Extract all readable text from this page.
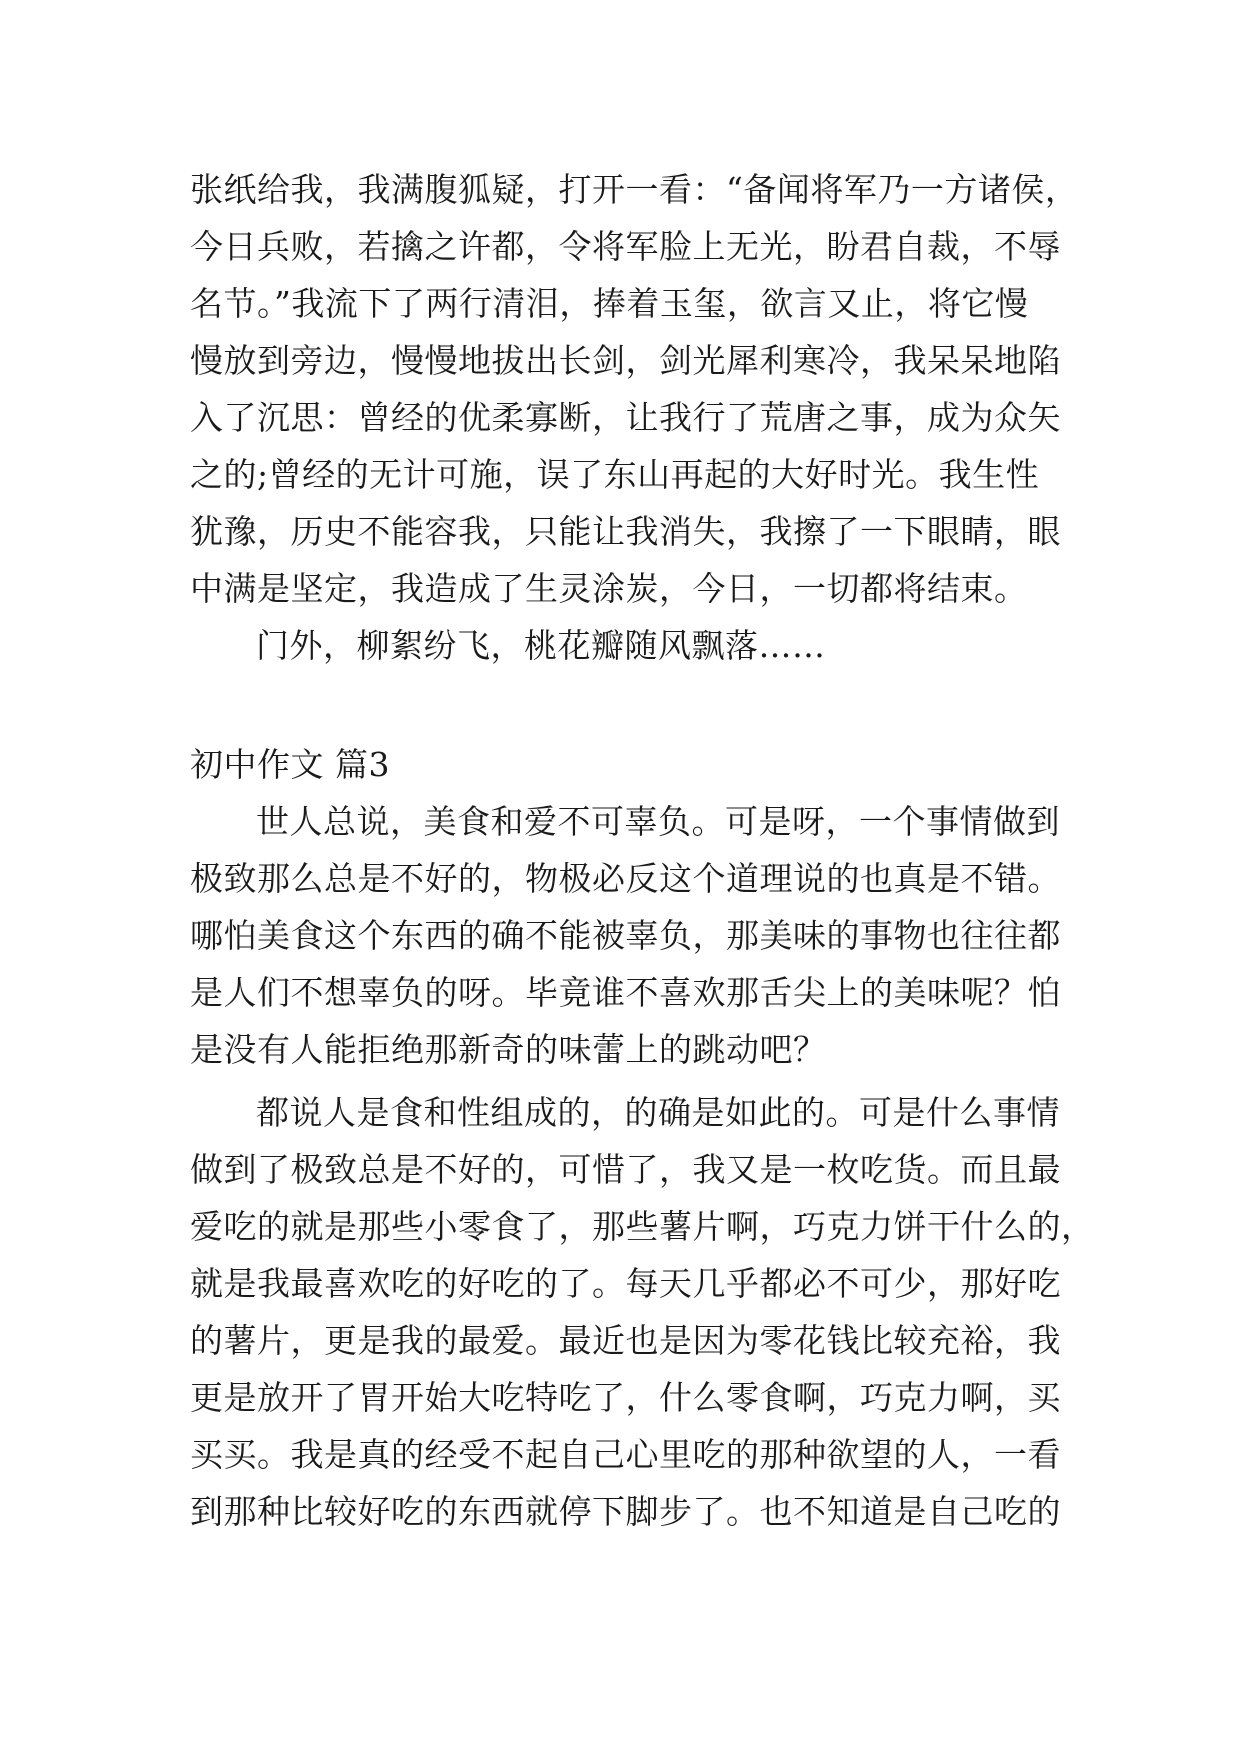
张纸给我，我满腹狐疑，打开一看：“备闻将军乃一方诸侯，
今日兵败，若擒之许都，令将军脸上无光，盼君自裁，不辱
名节。”我流下了两行清泪，捧着玉玺，欲言又止，将它慢
慢放到旁边，慢慢地拔出长剑，剑光犀利寒冷，我呆呆地陷
入了沉思：曾经的优柔寡断，让我行了荒唐之事，成为众矢
之的;曾经的无计可施，误了东山再起的大好时光。我生性
犹豫，历史不能容我，只能让我消失，我擦了一下眼睛，眼
中满是坚定，我造成了生灵涂炭，今日，一切都将结束。
门外，柳絮纷飞，桃花瓣随风飘落……
初中作文 篇3
世人总说，美食和爱不可辜负。可是呀，一个事情做到
极致那么总是不好的，物极必反这个道理说的也真是不错。
哪怕美食这个东西的确不能被辜负，那美味的事物也往往都
是人们不想辜负的呀。毕竟谁不喜欢那舌尖上的美味呢？怕
是没有人能拒绝那新奇的味蕾上的跳动吧？
都说人是食和性组成的，的确是如此的。可是什么事情
做到了极致总是不好的，可惜了，我又是一枚吃货。而且最
爱吃的就是那些小零食了，那些薯片啊，巧克力饼干什么的，
就是我最喜欢吃的好吃的了。每天几乎都必不可少，那好吃
的薯片，更是我的最爱。最近也是因为零花钱比较充裕，我
更是放开了胃开始大吃特吃了，什么零食啊，巧克力啊，买
买买。我是真的经受不起自己心里吃的那种欲望的人，一看
到那种比较好吃的东西就停下脚步了。也不知道是自己吃的
